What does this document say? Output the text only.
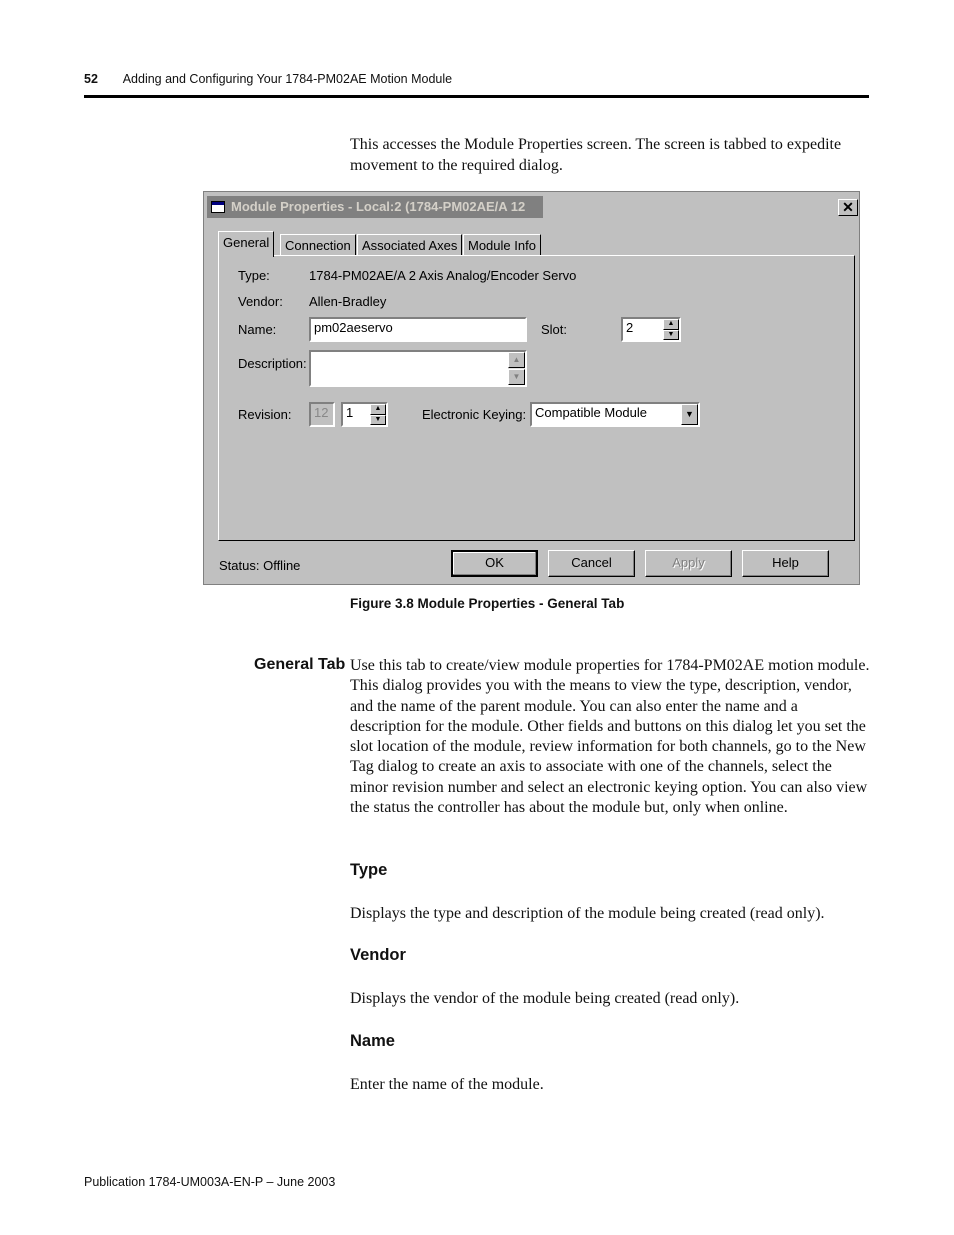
52 Adding and Configuring Your 1784-PM02AE Motion Module

This accesses the Module Properties screen. The screen is tabbed to expedite movement to the required dialog.

Module Properties - Local:2 (1784-PM02AE/A 12	✕
General	Connection Associated Axes Module Info
Type:	1784-PM02AE/A 2 Axis Analog/Encoder Servo
Vendor: Allen-Bradley
Name:	pm02aeservo	Slot:	2	▲
▼
Description:	▲
▼
Revision:	12	1	▲
▼	Electronic Keying: Compatible Module	▼
Status: Offline	OK	Cancel	Apply	Help
Figure 3.8 Module Properties - General Tab
General Tab Use this tab to create/view module properties for 1784-PM02AE motion module. This dialog provides you with the means to view the type, description, vendor, and the name of the parent module. You can also enter the name and a description for the module. Other fields and buttons on this dialog let you set the slot location of the module, review information for both channels, go to the New Tag dialog to create an axis to associate with one of the channels, select the minor revision number and select an electronic keying option. You can also view the status the controller has about the module but, only when online.

Type
Displays the type and description of the module being created (read only).
Vendor
Displays the vendor of the module being created (read only).
Name
Enter the name of the module.
Publication 1784-UM003A-EN-P – June 2003
